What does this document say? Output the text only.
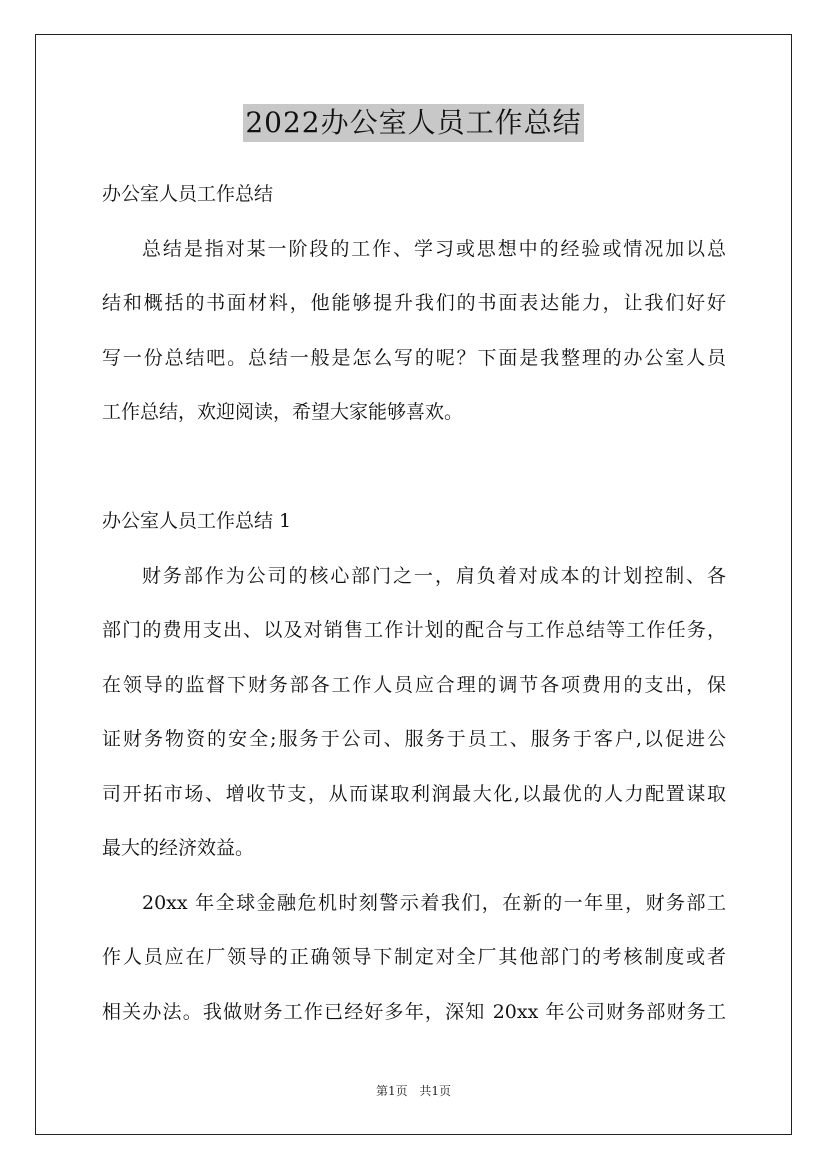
2022办公室人员工作总结
办公室人员工作总结
总结是指对某一阶段的工作、学习或思想中的经验或情况加以总
结和概括的书面材料，他能够提升我们的书面表达能力，让我们好好
写一份总结吧。总结一般是怎么写的呢？下面是我整理的办公室人员
工作总结，欢迎阅读，希望大家能够喜欢。
办公室人员工作总结 1
财务部作为公司的核心部门之一，肩负着对成本的计划控制、各
部门的费用支出、以及对销售工作计划的配合与工作总结等工作任务，
在领导的监督下财务部各工作人员应合理的调节各项费用的支出，保
证财务物资的安全;服务于公司、服务于员工、服务于客户,以促进公
司开拓市场、增收节支，从而谋取利润最大化,以最优的人力配置谋取
最大的经济效益。
20xx 年全球金融危机时刻警示着我们，在新的一年里，财务部工
作人员应在厂领导的正确领导下制定对全厂其他部门的考核制度或者
相关办法。我做财务工作已经好多年，深知 20xx 年公司财务部财务工
第1页 共1页
